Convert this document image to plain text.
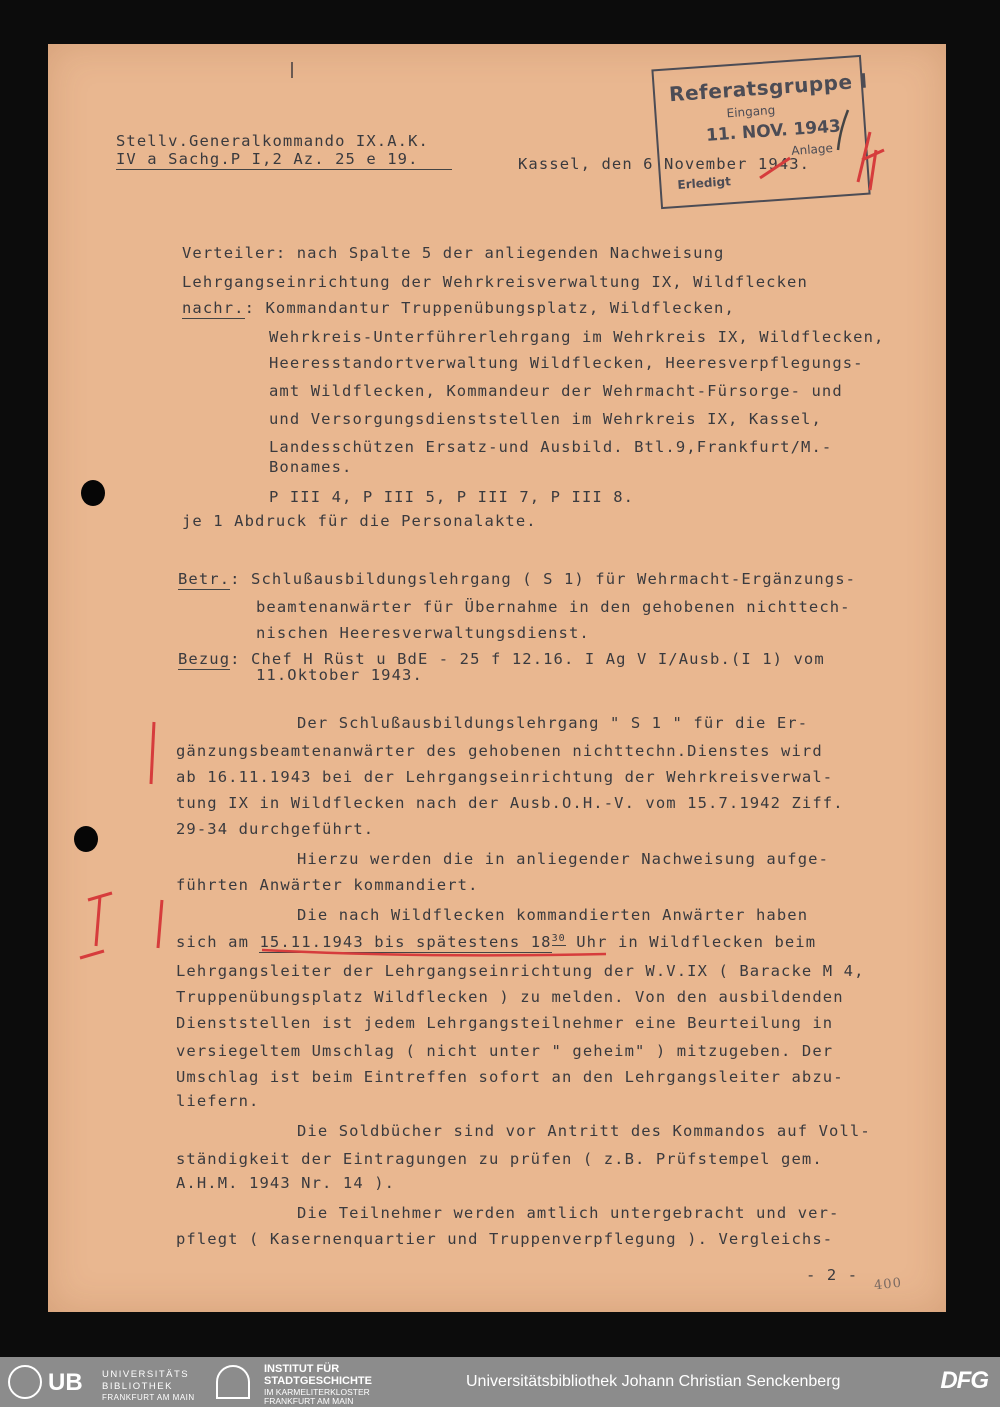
Stellv.Generalkommando IX.A.K.
IV a Sachg.P I,2 Az. 25 e 19.	Kassel, den 6 November 1943.
Referatsgruppe I
Eingang
11. NOV. 1943
Anlage
Erledigt
Verteiler: nach Spalte 5 der anliegenden Nachweisung
Lehrgangseinrichtung der Wehrkreisverwaltung IX, Wildflecken
nachr.: Kommandantur Truppenübungsplatz, Wildflecken,
Wehrkreis-Unterführerlehrgang im Wehrkreis IX, Wildflecken,
Heeresstandortverwaltung Wildflecken, Heeresverpflegungs-
amt Wildflecken, Kommandeur der Wehrmacht-Fürsorge- und
und Versorgungsdienststellen im Wehrkreis IX, Kassel,
Landesschützen Ersatz-und Ausbild. Btl.9,Frankfurt/M.-
Bonames.
P III 4, P III 5, P III 7, P III 8.
je 1 Abdruck für die Personalakte.
Betr.: Schlußausbildungslehrgang ( S 1) für Wehrmacht-Ergänzungs-
beamtenanwärter für Übernahme in den gehobenen nichttech-
nischen Heeresverwaltungsdienst.
Bezug: Chef H Rüst u BdE - 25 f 12.16. I Ag V I/Ausb.(I 1) vom
11.Oktober 1943.
Der Schlußausbildungslehrgang " S 1 " für die Er-
gänzungsbeamtenanwärter des gehobenen nichttechn.Dienstes wird
ab 16.11.1943 bei der Lehrgangseinrichtung der Wehrkreisverwal-
tung IX in Wildflecken nach der Ausb.O.H.-V. vom 15.7.1942 Ziff.
29-34 durchgeführt.
Hierzu werden die in anliegender Nachweisung aufge-
führten Anwärter kommandiert.
Die nach Wildflecken kommandierten Anwärter haben
sich am 15.11.1943 bis spätestens $18^{30}$ Uhr in Wildflecken beim
Lehrgangsleiter der Lehrgangseinrichtung der W.V.IX ( Baracke M 4,
Truppenübungsplatz Wildflecken ) zu melden. Von den ausbildenden
Dienststellen ist jedem Lehrgangsteilnehmer eine Beurteilung in
versiegeltem Umschlag ( nicht unter " geheim" ) mitzugeben. Der
Umschlag ist beim Eintreffen sofort an den Lehrgangsleiter abzu-
liefern.
Die Soldbücher sind vor Antritt des Kommandos auf Voll-
ständigkeit der Eintragungen zu prüfen ( z.B. Prüfstempel gem.
A.H.M. 1943 Nr. 14 ).
Die Teilnehmer werden amtlich untergebracht und ver-
pflegt ( Kasernenquartier und Truppenverpflegung ). Vergleichs-
- 2 -
400
UB UNIVERSITÄTS
BIBLIOTHEK
FRANKFURT AM MAIN
INSTITUT FÜR
STADTGESCHICHTE
IM KARMELITERKLOSTER
FRANKFURT AM MAIN
Universitätsbibliothek Johann Christian Senckenberg	DFG
